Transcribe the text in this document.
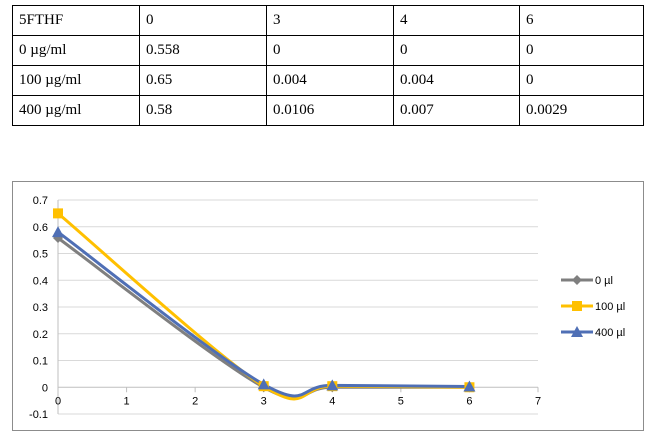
5FTHF	0	3	4	6
0 µg/ml	0.558	0	0	0
100 µg/ml	0.65	0.004	0.004	0
400 µg/ml	0.58	0.0106	0.007	0.0029
-0.1
0
0.1
0.2
0.3
0.4
0.5
0.6
0.7
0	1	2	3	4	5	6	7
0 µl
100 µl
400 µl
